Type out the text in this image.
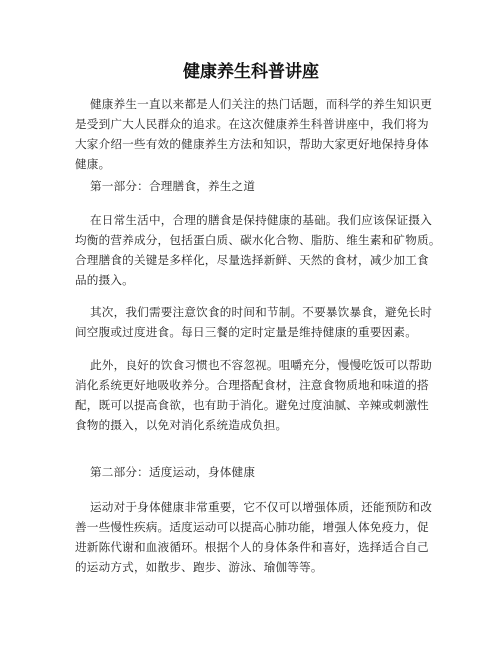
健康养生科普讲座
健康养生一直以来都是人们关注的热门话题，而科学的养生知识更
是受到广大人民群众的追求。在这次健康养生科普讲座中，我们将为
大家介绍一些有效的健康养生方法和知识，帮助大家更好地保持身体
健康。
第一部分：合理膳食，养生之道
在日常生活中，合理的膳食是保持健康的基础。我们应该保证摄入
均衡的营养成分，包括蛋白质、碳水化合物、脂肪、维生素和矿物质。
合理膳食的关键是多样化，尽量选择新鲜、天然的食材，减少加工食
品的摄入。
其次，我们需要注意饮食的时间和节制。不要暴饮暴食，避免长时
间空腹或过度进食。每日三餐的定时定量是维持健康的重要因素。
此外，良好的饮食习惯也不容忽视。咀嚼充分，慢慢吃饭可以帮助
消化系统更好地吸收养分。合理搭配食材，注意食物质地和味道的搭
配，既可以提高食欲，也有助于消化。避免过度油腻、辛辣或刺激性
食物的摄入，以免对消化系统造成负担。
第二部分：适度运动，身体健康
运动对于身体健康非常重要，它不仅可以增强体质，还能预防和改
善一些慢性疾病。适度运动可以提高心肺功能，增强人体免疫力，促
进新陈代谢和血液循环。根据个人的身体条件和喜好，选择适合自己
的运动方式，如散步、跑步、游泳、瑜伽等等。
